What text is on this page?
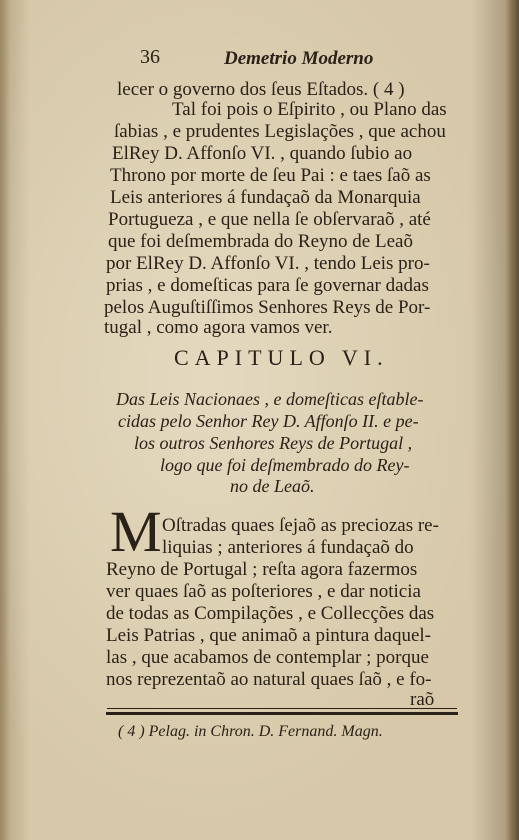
36	Demetrio Moderno
lecer o governo dos ſeus Eſtados. ( 4 )
Tal foi pois o Eſpirito , ou Plano das
ſabias , e prudentes Legislações , que achou
ElRey D. Affonſo VI. , quando ſubio ao
Throno por morte de ſeu Pai : e taes ſaõ as
Leis anteriores á fundaçaõ da Monarquia
Portugueza , e que nella ſe obſervaraõ , até
que foi deſmembrada do Reyno de Leaõ
por ElRey D. Affonſo VI. , tendo Leis pro-
prias , e domeſticas para ſe governar dadas
pelos Auguſtiſſimos Senhores Reys de Por-
tugal , como agora vamos ver.
CAPITULO VI.
Das Leis Nacionaes , e domeſticas eſtable-
cidas pelo Senhor Rey D. Affonſo II. e pe-
los outros Senhores Reys de Portugal ,
logo que foi deſmembrado do Rey-
no de Leaõ.
M Oſtradas quaes ſejaõ as preciozas re-
liquias ; anteriores á fundaçaõ do
Reyno de Portugal ; reſta agora fazermos
ver quaes ſaõ as poſteriores , e dar noticia
de todas as Compilações , e Collecções das
Leis Patrias , que animaõ a pintura daquel-
las , que acabamos de contemplar ; porque
nos reprezentaõ ao natural quaes ſaõ , e fo-
raõ
( 4 ) Pelag. in Chron. D. Fernand. Magn.
